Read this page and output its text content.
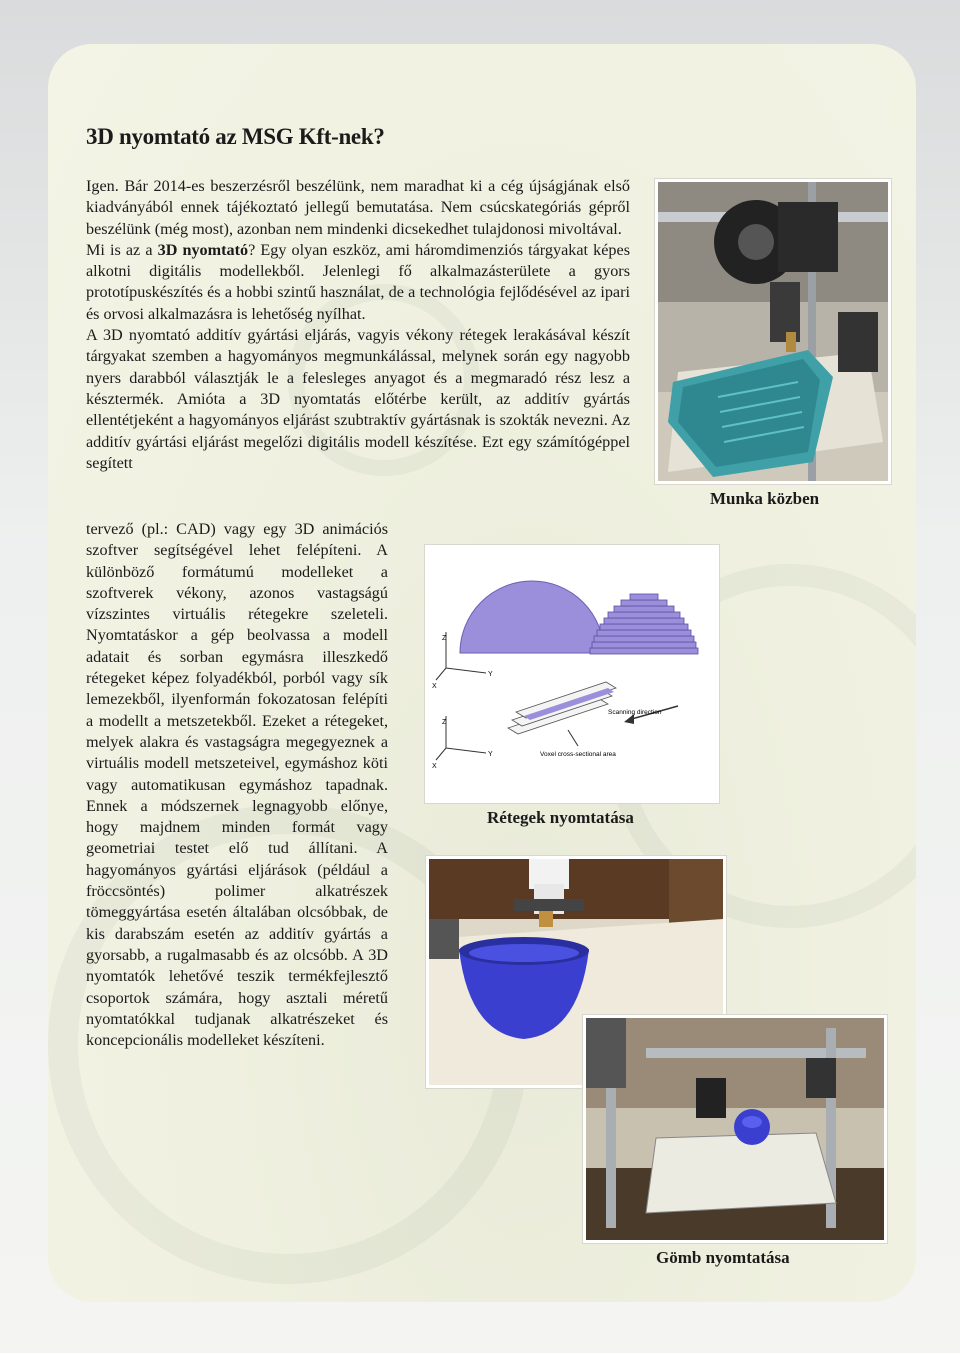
3D nyomtató az MSG Kft-nek?

Igen. Bár 2014-es beszerzésről beszélünk, nem maradhat ki a cég újságjának első kiadványából ennek tájékoztató jellegű bemutatása. Nem csúcskategóriás gépről beszélünk (még most), azonban nem mindenki dicsekedhet tulajdonosi mivoltával.

Mi is az a 3D nyomtató? Egy olyan eszköz, ami háromdimenziós tárgyakat képes alkotni digitális modellekből. Jelenlegi fő alkalmazásterülete a gyors prototípuskészítés és a hobbi szintű használat, de a technológia fejlődésével az ipari és orvosi alkalmazásra is lehetőség nyílhat.

A 3D nyomtató additív gyártási eljárás, vagyis vékony rétegek lerakásával készít tárgyakat szemben a hagyományos megmunkálással, melynek során egy nagyobb nyers darabból választják le a felesleges anyagot és a megmaradó rész lesz a késztermék. Amióta a 3D nyomtatás előtérbe került, az additív gyártás ellentétjeként a hagyományos eljárást szubtraktív gyártásnak is szokták nevezni. Az additív gyártási eljárást megelőzi digitális modell készítése. Ezt egy számítógéppel segített

tervező (pl.: CAD) vagy egy 3D animációs szoftver segítségével lehet felépíteni. A különböző formátumú modelleket a szoftverek vékony, azonos vastagságú vízszintes virtuális rétegekre szeleteli. Nyomtatáskor a gép beolvassa a modell adatait és sorban egymásra illeszkedő rétegeket képez folyadékból, porból vagy sík lemezekből, ilyenformán fokozatosan felépíti a modellt a metszetekből. Ezeket a rétegeket, melyek alakra és vastagságra megegyeznek a virtuális modell metszeteivel, egymáshoz köti vagy automatikusan egymáshoz tapadnak. Ennek a módszernek legnagyobb előnye, hogy majdnem minden formát vagy geometriai testet elő tud állítani. A hagyományos gyártási eljárások (például a fröccsöntés) polimer alkatrészek tömeggyártása esetén általában olcsóbbak, de kis darabszám esetén az additív gyártás a gyorsabb, a rugalmasabb és az olcsóbb. A 3D nyomtatók lehetővé teszik termékfejlesztő csoportok számára, hogy asztali méretű nyomtatókkal tudjanak alkatrészeket és koncepcionális modelleket készíteni.

Munka közben

Z
X
Y
Z
X
Y
Scanning direction
Voxel cross-sectional area

Rétegek nyomtatása

Gömb nyomtatása
